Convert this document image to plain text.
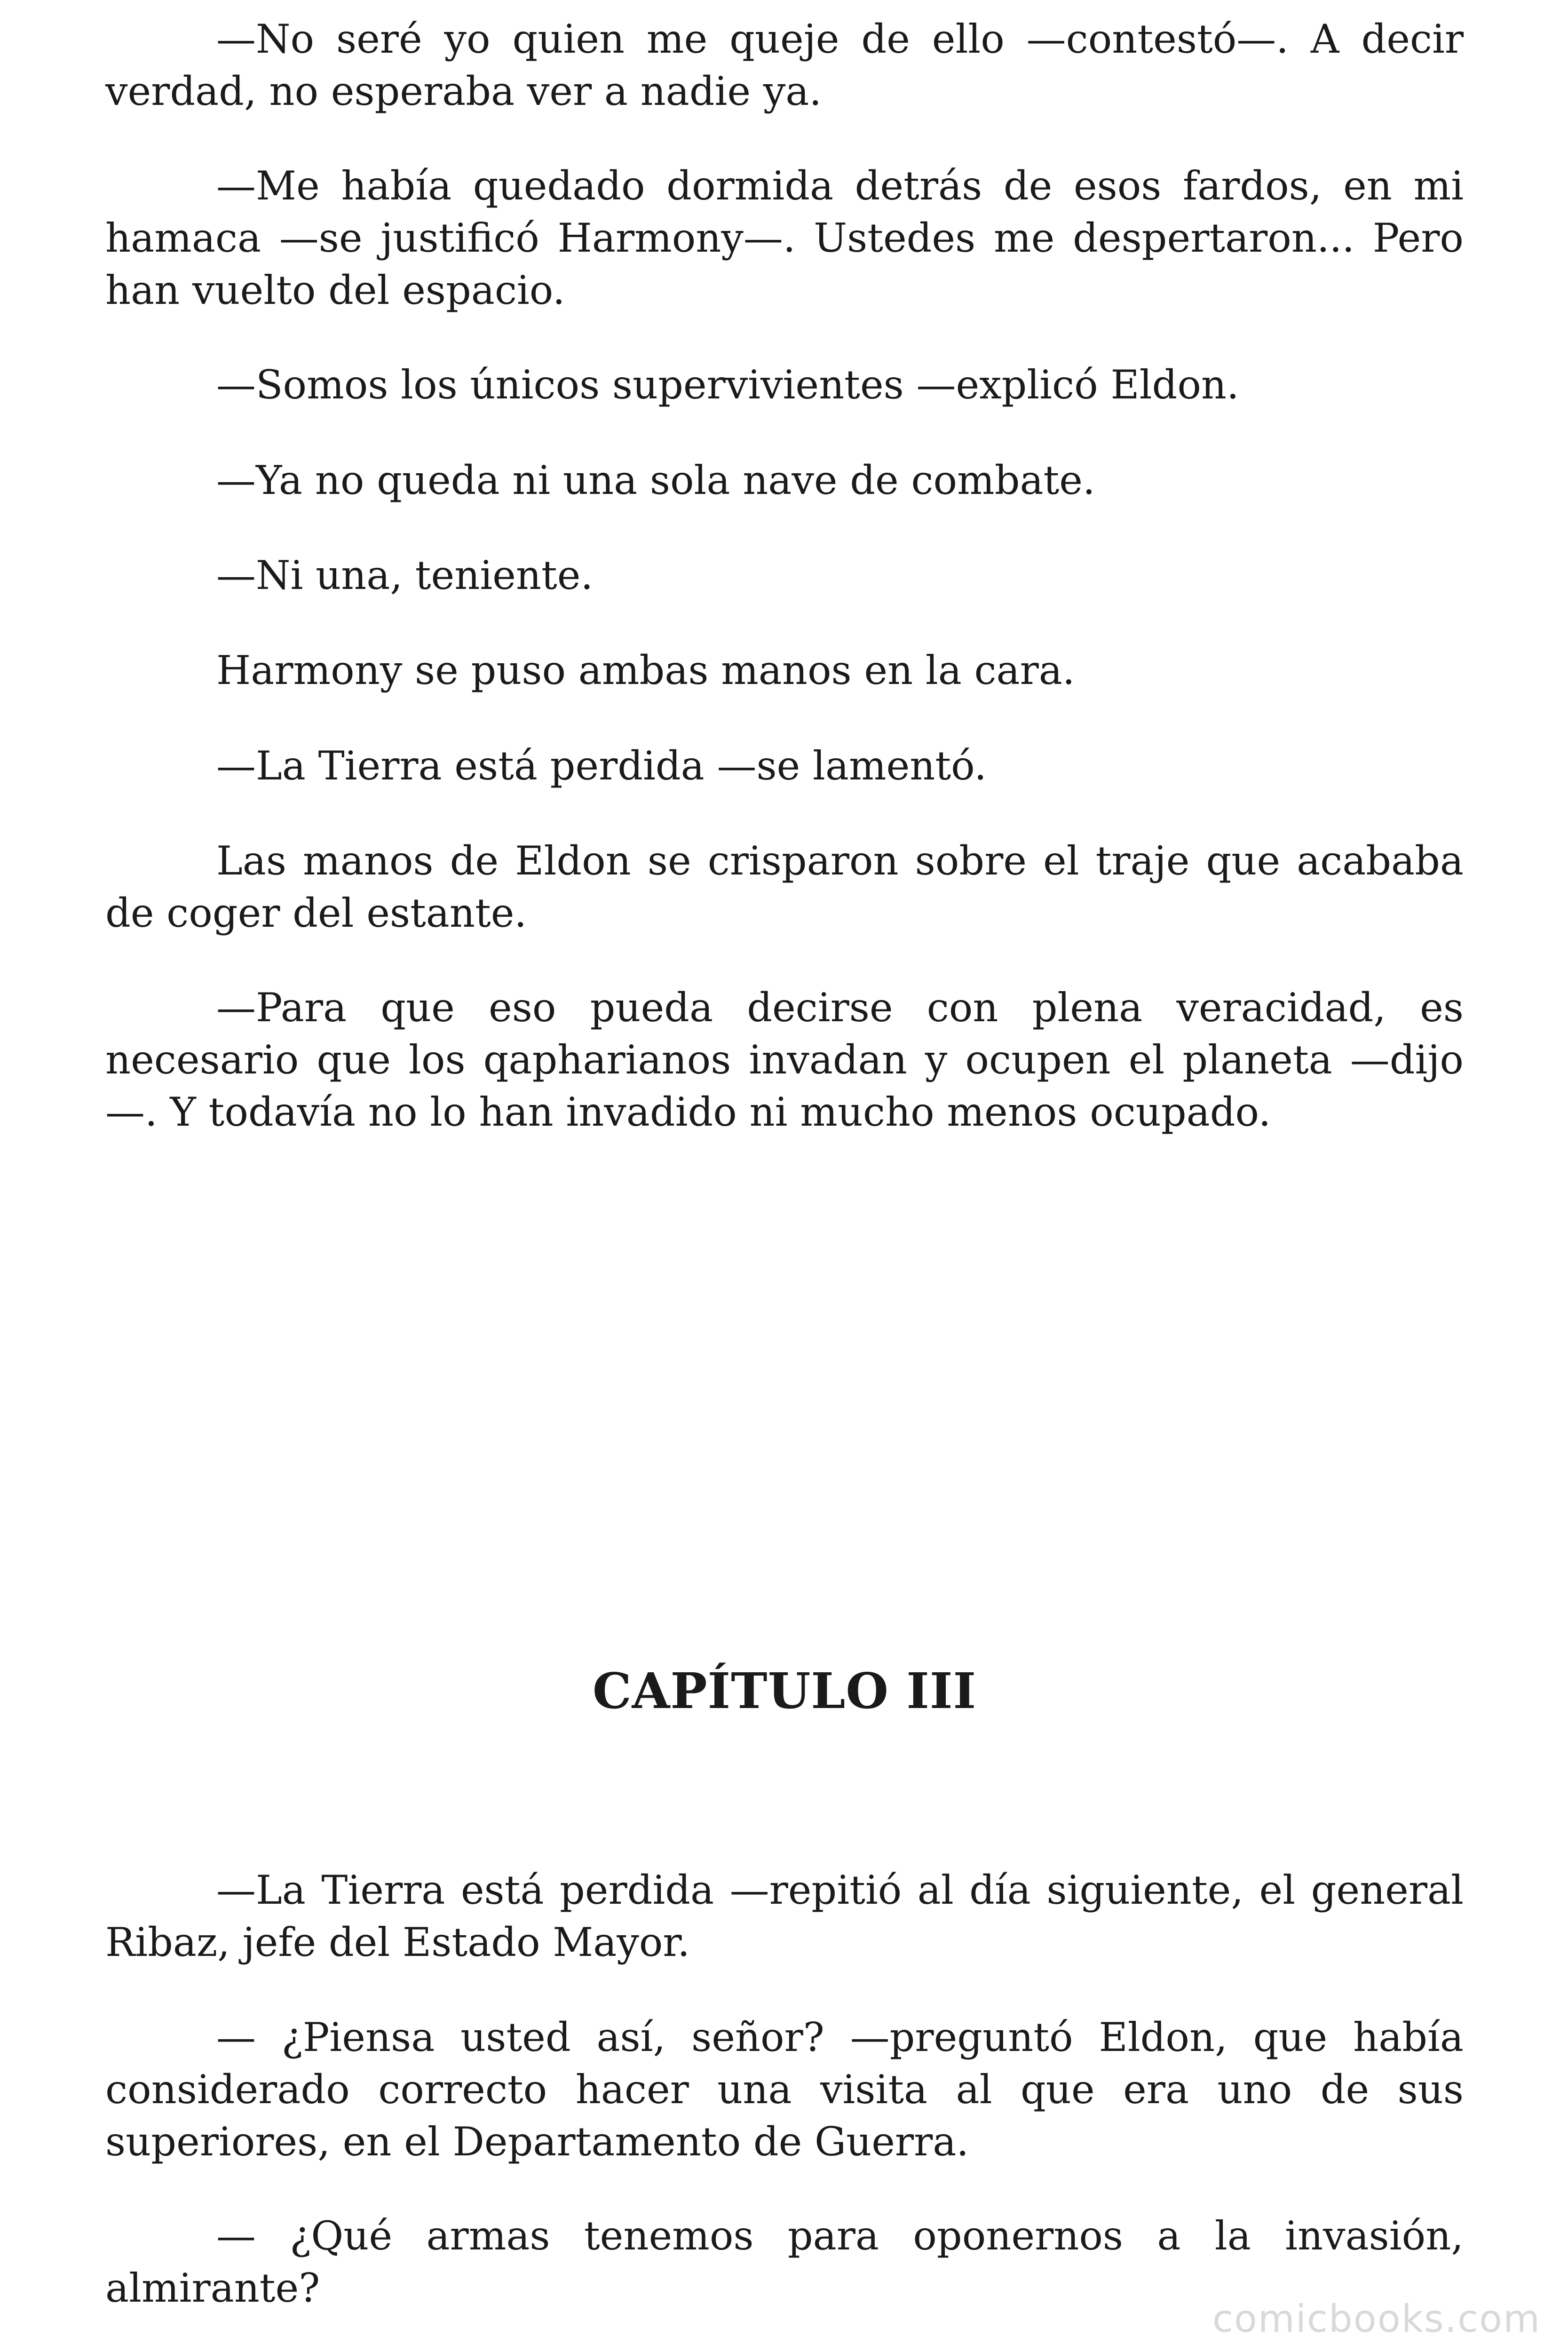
—No seré yo quien me queje de ello —contestó—. A decir verdad, no esperaba ver a nadie ya.

—Me había quedado dormida detrás de esos fardos, en mi hamaca —se justificó Harmony—. Ustedes me despertaron... Pero han vuelto del espacio.

—Somos los únicos supervivientes —explicó Eldon.

—Ya no queda ni una sola nave de combate.

—Ni una, teniente.

Harmony se puso ambas manos en la cara.

—La Tierra está perdida —se lamentó.

Las manos de Eldon se crisparon sobre el traje que acababa de coger del estante.

—Para que eso pueda decirse con plena veracidad, es necesario que los qapharianos invadan y ocupen el planeta —dijo—. Y todavía no lo han invadido ni mucho menos ocupado.

CAPÍTULO III

—La Tierra está perdida —repitió al día siguiente, el general Ribaz, jefe del Estado Mayor.

— ¿Piensa usted así, señor? —preguntó Eldon, que había considerado correcto hacer una visita al que era uno de sus superiores, en el Departamento de Guerra.

— ¿Qué armas tenemos para oponernos a la invasión, almirante?

comicbooks.com
